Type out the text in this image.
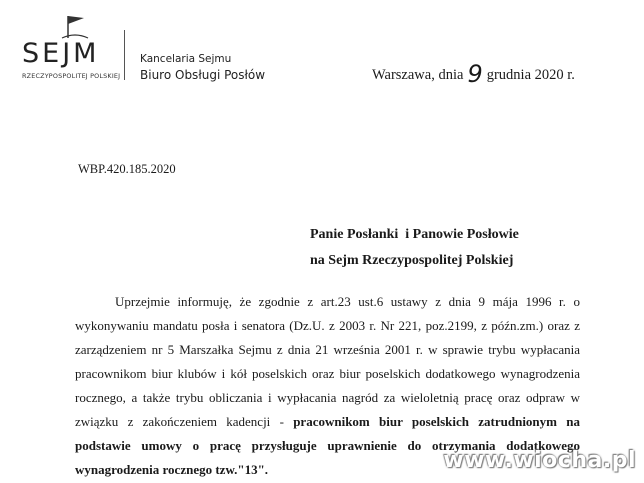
SEJM
RZECZYPOSPOLITEJ POLSKIEJ
Kancelaria Sejmu
Biuro Obsługi Posłów	Warszawa, dnia 9 grudnia 2020 r.
WBP.420.185.2020
Panie Posłanki  i Panowie Posłowie
na Sejm Rzeczypospolitej Polskiej
Uprzejmie informuję, że zgodnie z art.23 ust.6 ustawy z dnia 9 mája 1996 r. o wykonywaniu mandatu posła i senatora (Dz.U. z 2003 r. Nr 221, poz.2199, z późn.zm.) oraz z zarządzeniem nr 5 Marszałka Sejmu z dnia 21 września 2001 r. w sprawie trybu wypłacania pracownikom biur klubów i kół poselskich oraz biur poselskich dodatkowego wynagrodzenia rocznego, a także trybu obliczania i wypłacania nagród za wieloletnią pracę oraz odpraw w związku z zakończeniem kadencji - pracownikom biur poselskich zatrudnionym na podstawie umowy o pracę przysługuje uprawnienie do otrzymania dodatkowego wynagrodzenia rocznego tzw."13".	www.wiocha.pl
